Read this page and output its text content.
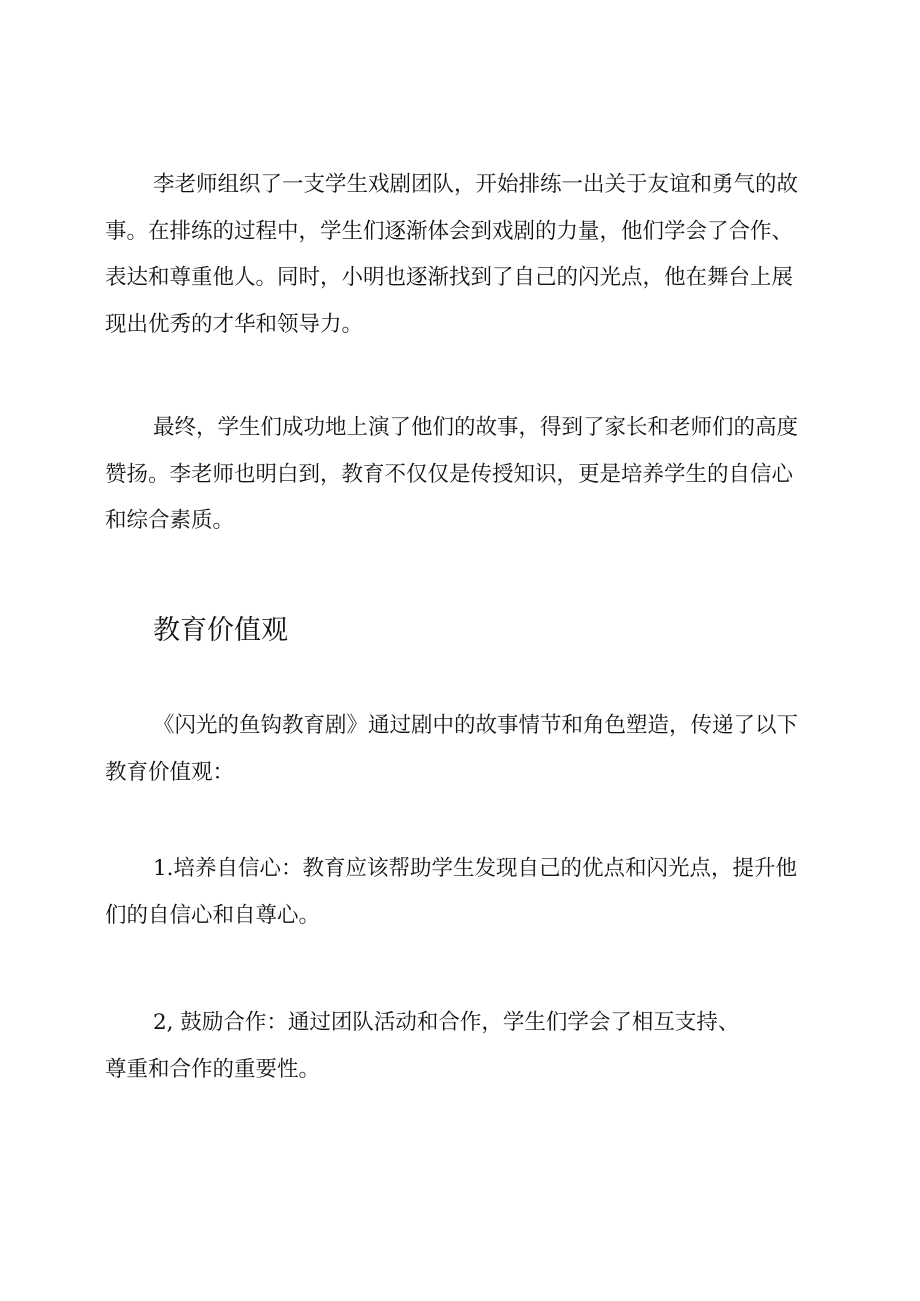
李老师组织了一支学生戏剧团队，开始排练一出关于友谊和勇气的故
事。在排练的过程中，学生们逐渐体会到戏剧的力量，他们学会了合作、
表达和尊重他人。同时，小明也逐渐找到了自己的闪光点，他在舞台上展
现出优秀的才华和领导力。
最终，学生们成功地上演了他们的故事，得到了家长和老师们的高度
赞扬。李老师也明白到，教育不仅仅是传授知识，更是培养学生的自信心
和综合素质。
教育价值观
《闪光的鱼钩教育剧》通过剧中的故事情节和角色塑造，传递了以下
教育价值观：
1.培养自信心：教育应该帮助学生发现自己的优点和闪光点，提升他
们的自信心和自尊心。
2, 鼓励合作：通过团队活动和合作，学生们学会了相互支持、
尊重和合作的重要性。
